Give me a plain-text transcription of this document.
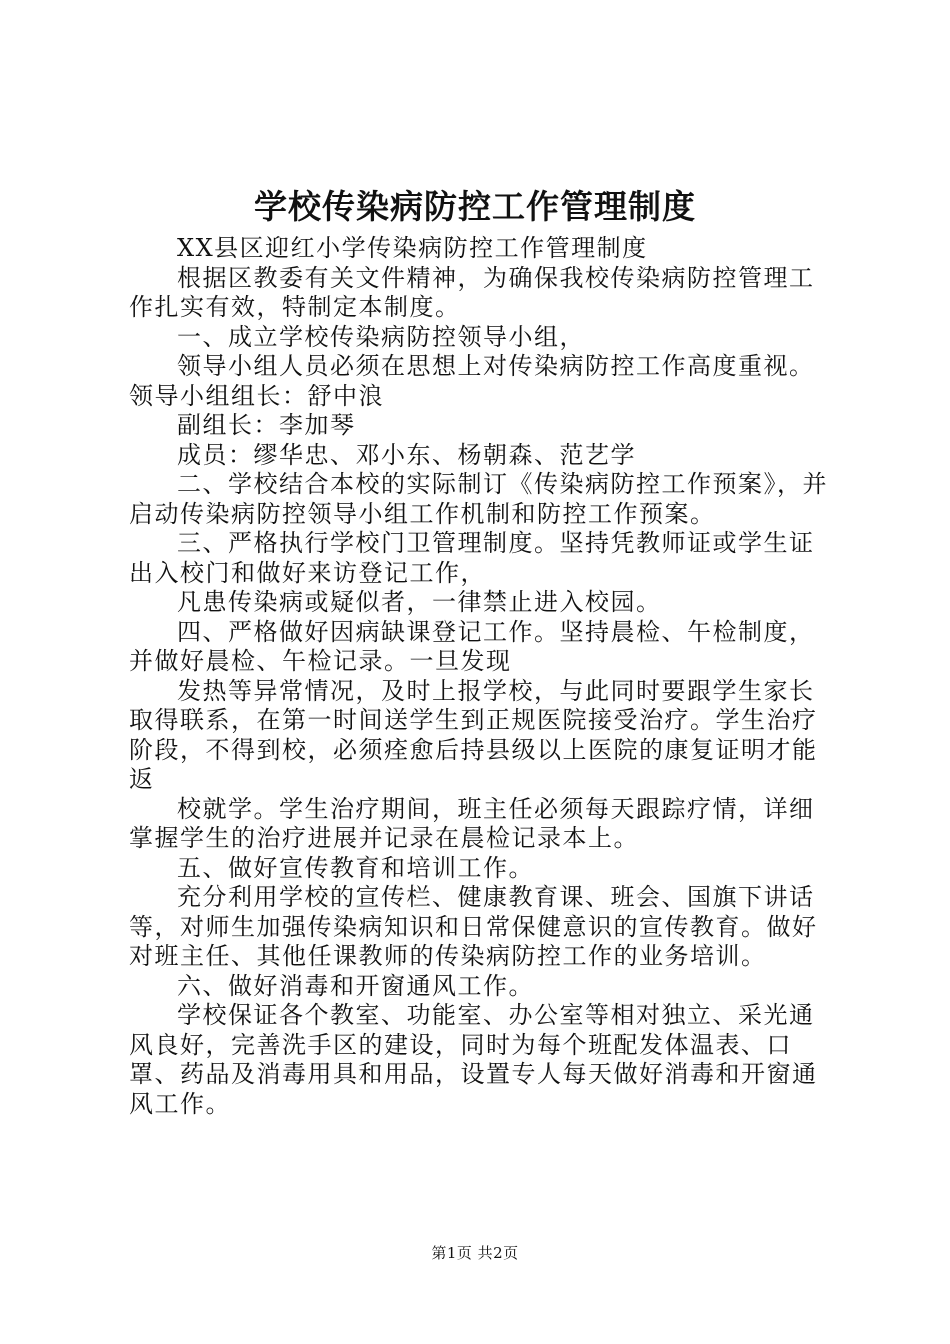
学校传染病防控工作管理制度

XX县区迎红小学传染病防控工作管理制度

根据区教委有关文件精神，为确保我校传染病防控管理工作扎实有效，特制定本制度。

一、成立学校传染病防控领导小组，

领导小组人员必须在思想上对传染病防控工作高度重视。领导小组组长：舒中浪

副组长：李加琴

成员：缪华忠、邓小东、杨朝森、范艺学

二、学校结合本校的实际制订《传染病防控工作预案》，并启动传染病防控领导小组工作机制和防控工作预案。

三、严格执行学校门卫管理制度。坚持凭教师证或学生证出入校门和做好来访登记工作，

凡患传染病或疑似者，一律禁止进入校园。

四、严格做好因病缺课登记工作。坚持晨检、午检制度，并做好晨检、午检记录。一旦发现

发热等异常情况，及时上报学校，与此同时要跟学生家长取得联系，在第一时间送学生到正规医院接受治疗。学生治疗阶段，不得到校，必须痊愈后持县级以上医院的康复证明才能返

校就学。学生治疗期间，班主任必须每天跟踪疗情，详细掌握学生的治疗进展并记录在晨检记录本上。

五、做好宣传教育和培训工作。

充分利用学校的宣传栏、健康教育课、班会、国旗下讲话等，对师生加强传染病知识和日常保健意识的宣传教育。做好对班主任、其他任课教师的传染病防控工作的业务培训。

六、做好消毒和开窗通风工作。

学校保证各个教室、功能室、办公室等相对独立、采光通风良好，完善洗手区的建设，同时为每个班配发体温表、口罩、药品及消毒用具和用品，设置专人每天做好消毒和开窗通风工作。

第1页 共2页
